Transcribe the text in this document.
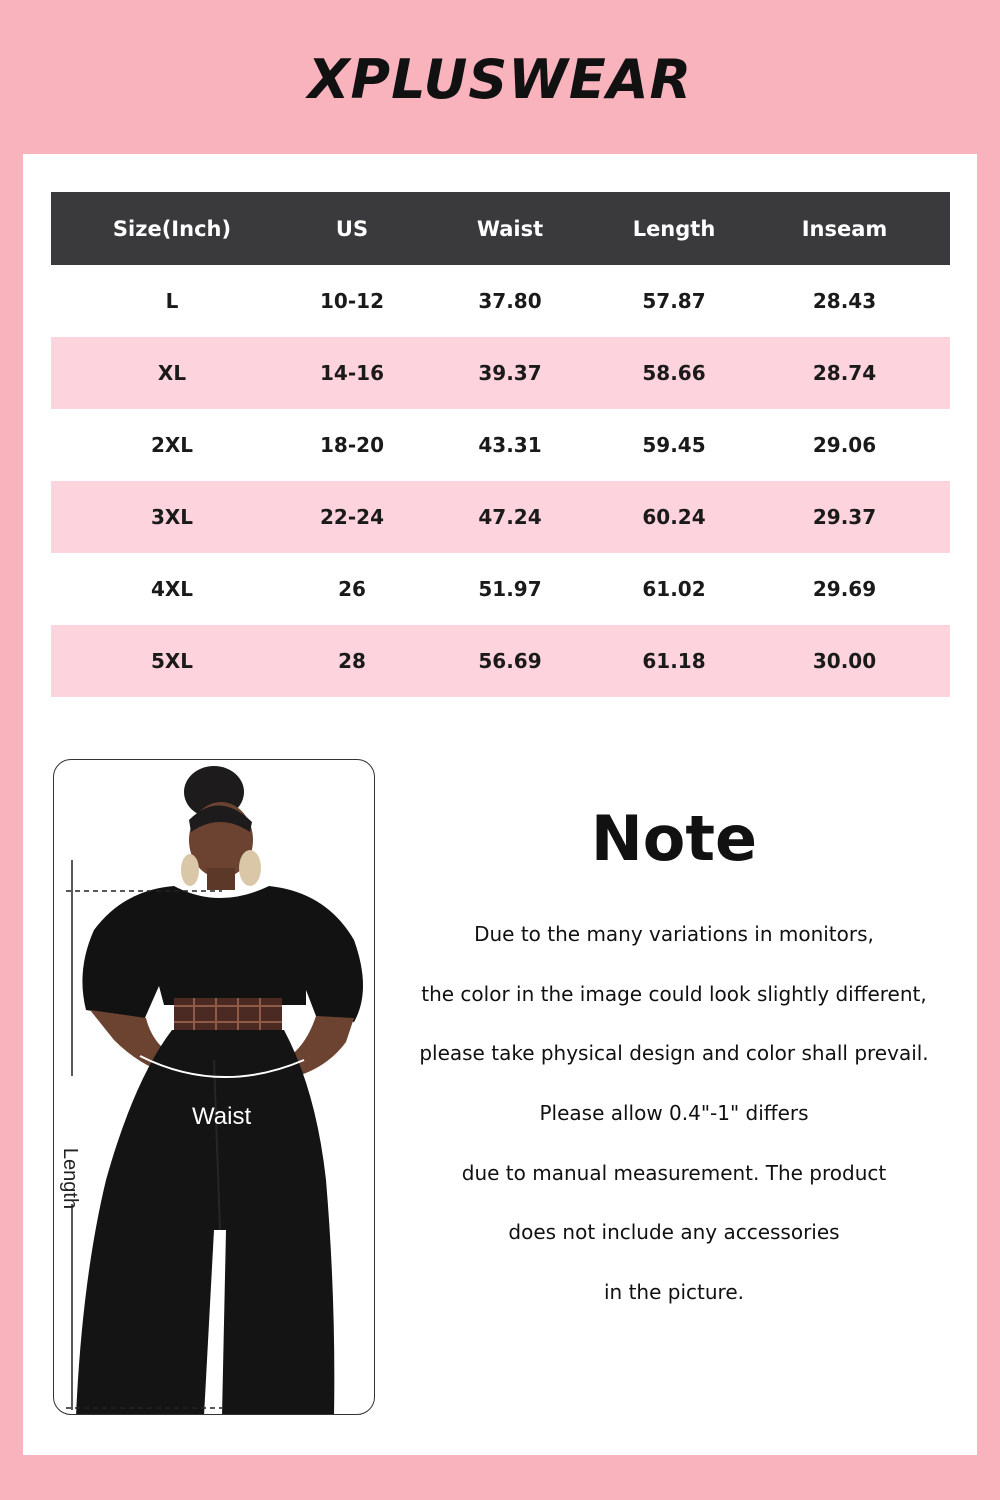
XPLUSWEAR
Size(Inch)	US	Waist	Length	Inseam
L	10-12	37.80	57.87	28.43
XL	14-16	39.37	58.66	28.74
2XL	18-20	43.31	59.45	29.06
3XL	22-24	47.24	60.24	29.37
4XL	26	51.97	61.02	29.69
5XL	28	56.69	61.18	30.00
Waist
Length
Note
Due to the many variations in monitors,
the color in the image could look slightly different,
please take physical design and color shall prevail.
Please allow 0.4"-1" differs
due to manual measurement. The product
does not include any accessories
in the picture.
